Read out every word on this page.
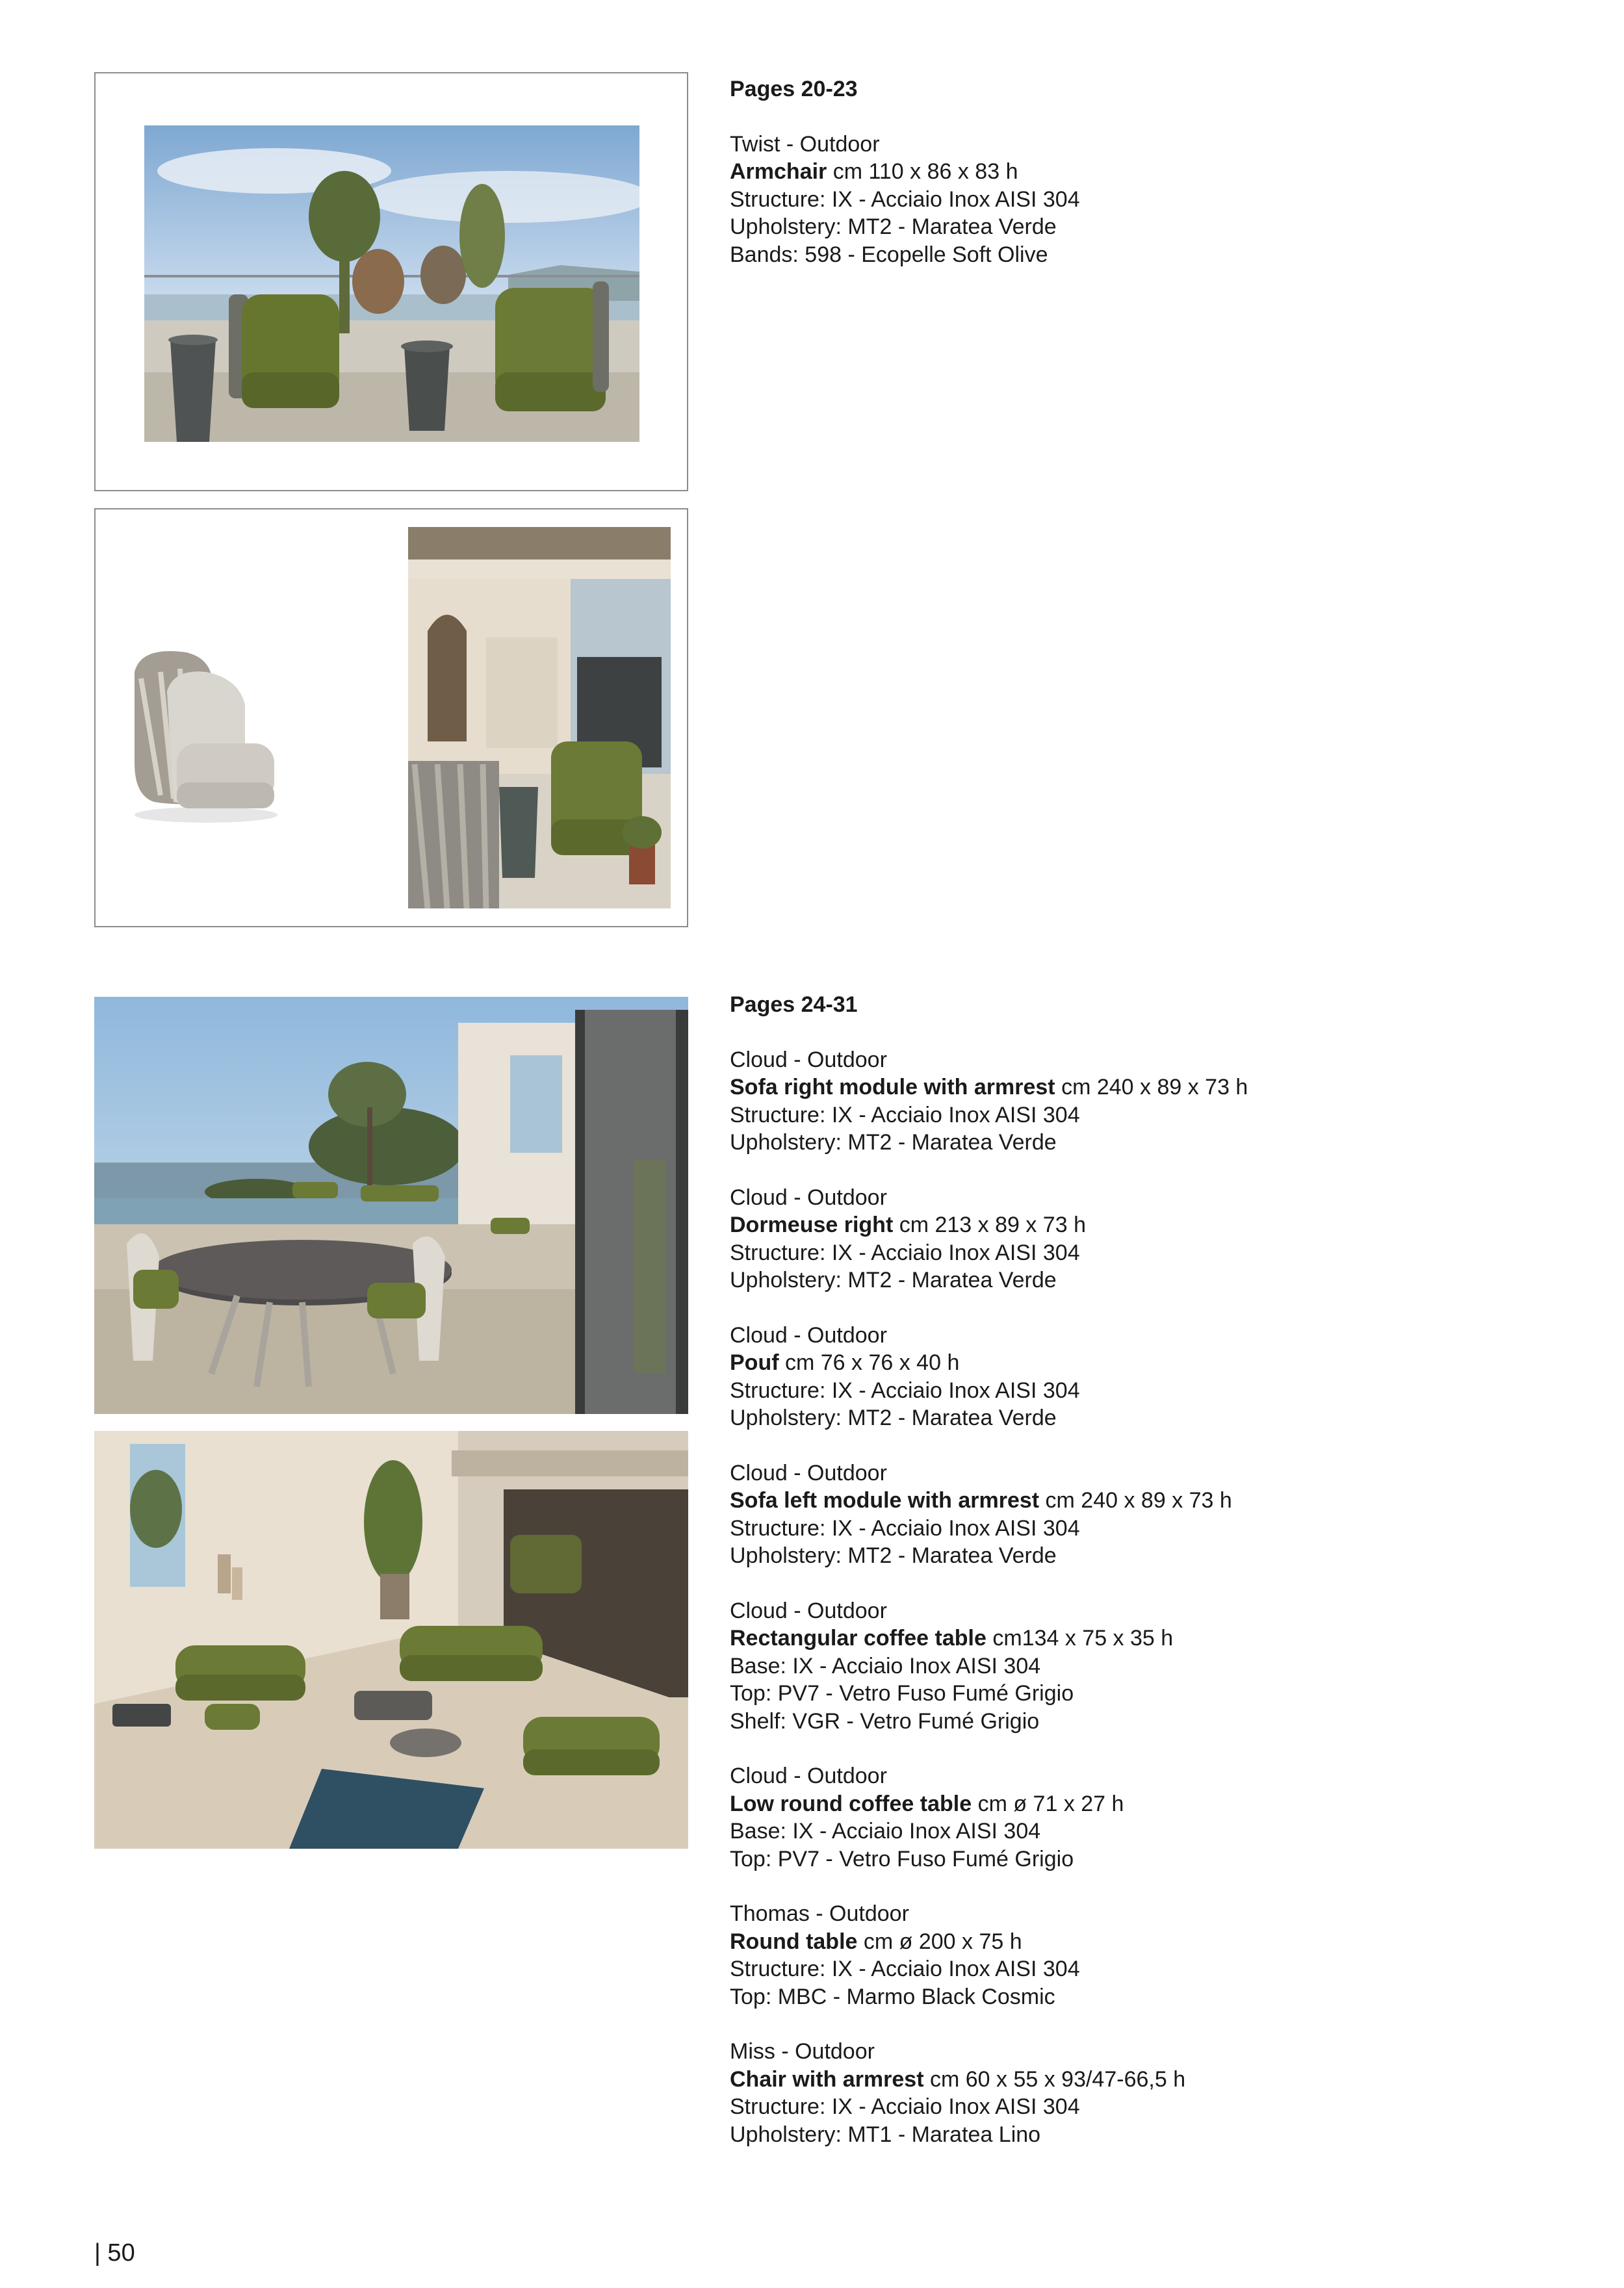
Pages 20-23
Twist - Outdoor
Armchair cm 110 x 86 x 83 h
Structure: IX - Acciaio Inox AISI 304
Upholstery: MT2 - Maratea Verde
Bands: 598 - Ecopelle Soft Olive
Pages 24-31
Cloud - Outdoor
Sofa right module with armrest cm 240 x 89 x 73 h
Structure: IX - Acciaio Inox AISI 304
Upholstery: MT2 - Maratea Verde
Cloud - Outdoor
Dormeuse right cm 213 x 89 x 73 h
Structure: IX - Acciaio Inox AISI 304
Upholstery: MT2 - Maratea Verde
Cloud - Outdoor
Pouf cm 76 x 76 x 40 h
Structure: IX - Acciaio Inox AISI 304
Upholstery: MT2 - Maratea Verde
Cloud - Outdoor
Sofa left module with armrest cm 240 x 89 x 73 h
Structure: IX - Acciaio Inox AISI 304
Upholstery: MT2 - Maratea Verde
Cloud - Outdoor
Rectangular coffee table cm134 x 75 x 35 h
Base: IX - Acciaio Inox AISI 304
Top: PV7 - Vetro Fuso Fumé Grigio
Shelf: VGR - Vetro Fumé Grigio
Cloud - Outdoor
Low round coffee table cm ø 71 x 27 h
Base: IX - Acciaio Inox AISI 304
Top: PV7 - Vetro Fuso Fumé Grigio
Thomas - Outdoor
Round table cm ø 200 x 75 h
Structure: IX - Acciaio Inox AISI 304
Top: MBC - Marmo Black Cosmic
Miss - Outdoor
Chair with armrest cm 60 x 55 x 93/47-66,5 h
Structure: IX - Acciaio Inox AISI 304
Upholstery: MT1 - Maratea Lino
| 50
